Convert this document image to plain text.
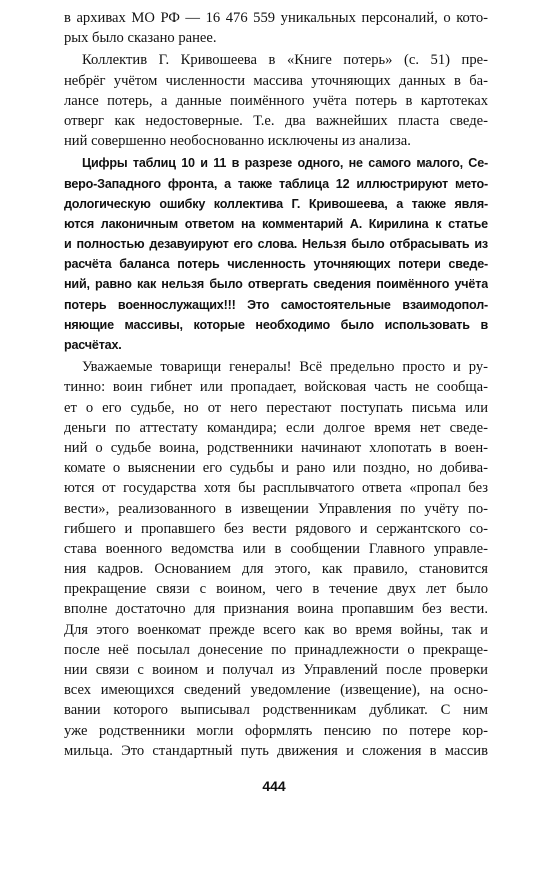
в архивах МО РФ — 16 476 559 уникальных персоналий, о кото-
рых было сказано ранее.
Коллектив Г. Кривошеева в «Книге потерь» (с. 51) пре-
небрёг учётом численности массива уточняющих данных в ба-
лансе потерь, а данные поимённого учёта потерь в картотеках
отверг как недостоверные. Т.е. два важнейших пласта сведе-
ний совершенно необоснованно исключены из анализа.
Цифры таблиц 10 и 11 в разрезе одного, не самого малого, Се-
веро-Западного фронта, а также таблица 12 иллюстрируют мето-
дологическую ошибку коллектива Г. Кривошеева, а также явля-
ются лаконичным ответом на комментарий А. Кирилина к статье
и полностью дезавуируют его слова. Нельзя было отбрасывать из
расчёта баланса потерь численность уточняющих потери сведе-
ний, равно как нельзя было отвергать сведения поимённого учёта
потерь военнослужащих!!! Это самостоятельные взаимодопол-
няющие массивы, которые необходимо было использовать в
расчётах.
Уважаемые товарищи генералы! Всё предельно просто и ру-
тинно: воин гибнет или пропадает, войсковая часть не сообща-
ет о его судьбе, но от него перестают поступать письма или
деньги по аттестату командира; если долгое время нет сведе-
ний о судьбе воина, родственники начинают хлопотать в воен-
комате о выяснении его судьбы и рано или поздно, но добива-
ются от государства хотя бы расплывчатого ответа «пропал без
вести», реализованного в извещении Управления по учёту по-
гибшего и пропавшего без вести рядового и сержантского со-
става военного ведомства или в сообщении Главного управле-
ния кадров. Основанием для этого, как правило, становится
прекращение связи с воином, чего в течение двух лет было
вполне достаточно для признания воина пропавшим без вести.
Для этого военкомат прежде всего как во время войны, так и
после неё посылал донесение по принадлежности о прекраще-
нии связи с воином и получал из Управлений после проверки
всех имеющихся сведений уведомление (извещение), на осно-
вании которого выписывал родственникам дубликат. С ним
уже родственники могли оформлять пенсию по потере кор-
мильца. Это стандартный путь движения и сложения в массив
444
